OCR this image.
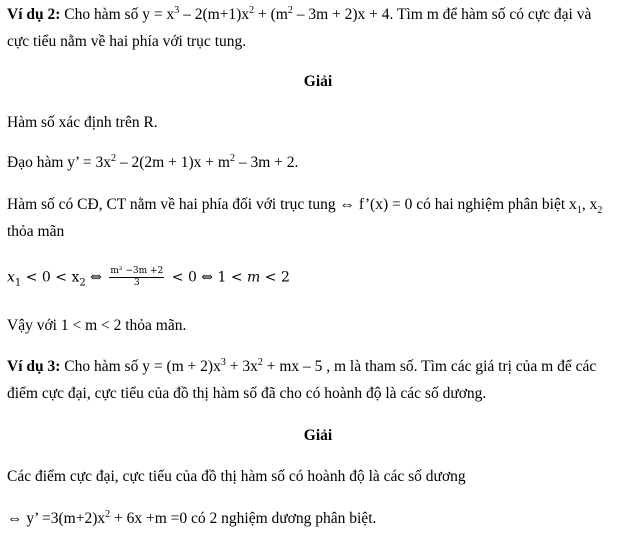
Ví dụ 2: Cho hàm số $y = x^3 - 2(m+1)x^2 + (m^2 - 3m + 2)x + 4$. Tìm m để hàm số có cực đại và
cực tiểu nằm về hai phía với trục tung.
Giải
Hàm số xác định trên R.
Đạo hàm y’ = $3x^2 - 2(2m + 1)x + m^2 - 3m + 2$.
Hàm số có CĐ, CT nằm về hai phía đối với trục tung ⇔ f’(x) = 0 có hai nghiệm phân biệt $x_1$, $x_2$
thỏa mãn
$x_1 < 0 < x_2$ ⇔ $\frac{\text{m² −3m +2}}{3} < 0$ ⇔ 1 < m < 2
Vậy với 1 < m < 2 thỏa mãn.
Ví dụ 3: Cho hàm số $y = (m + 2)x^3 + 3x^2$ + mx – 5 , m là tham số. Tìm các giá trị của m để các
điểm cực đại, cực tiểu của đồ thị hàm số đã cho có hoành độ là các số dương.
Giải
Các điểm cực đại, cực tiểu của đồ thị hàm số có hoành độ là các số dương
⇔ y’ $=3(m+2)x^2 + 6x +m =0$ có 2 nghiệm dương phân biệt.
